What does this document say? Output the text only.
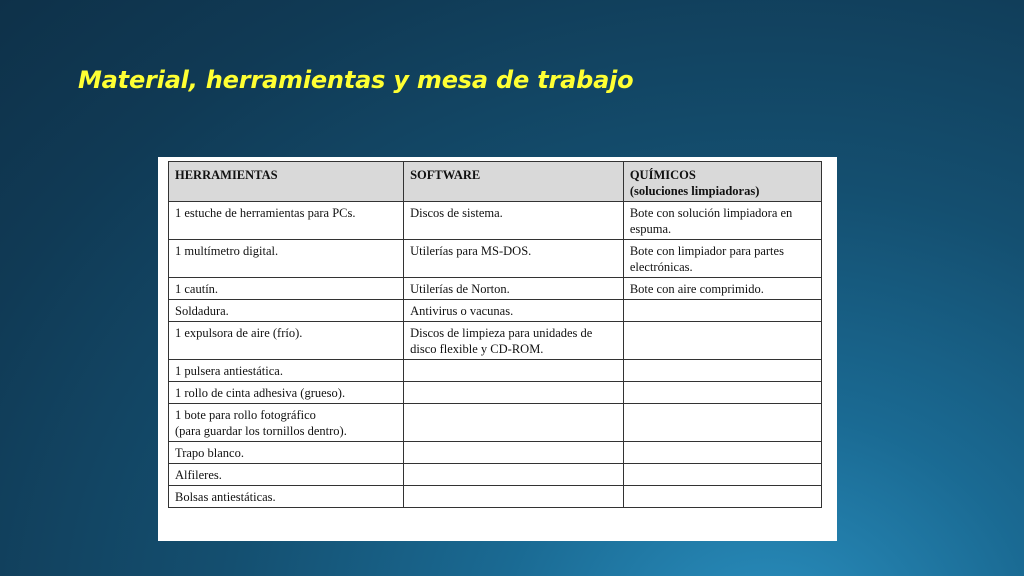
Material, herramientas y mesa de trabajo
HERRAMIENTAS	SOFTWARE	QUÍMICOS
(soluciones limpiadoras)

1 estuche de herramientas para PCs.	Discos de sistema.	Bote con solución limpiadora en espuma.
1 multímetro digital.	Utilerías para MS-DOS.	Bote con limpiador para partes electrónicas.
1 cautín.	Utilerías de Norton.	Bote con aire comprimido.
Soldadura.	Antivirus o vacunas.	
1 expulsora de aire (frío).	Discos de limpieza para unidades de disco flexible y CD-ROM.	
1 pulsera antiestática.		
1 rollo de cinta adhesiva (grueso).		

1 bote para rollo fotográfico
(para guardar los tornillos dentro).		

Trapo blanco.		
Alfileres.		
Bolsas antiestáticas.		
